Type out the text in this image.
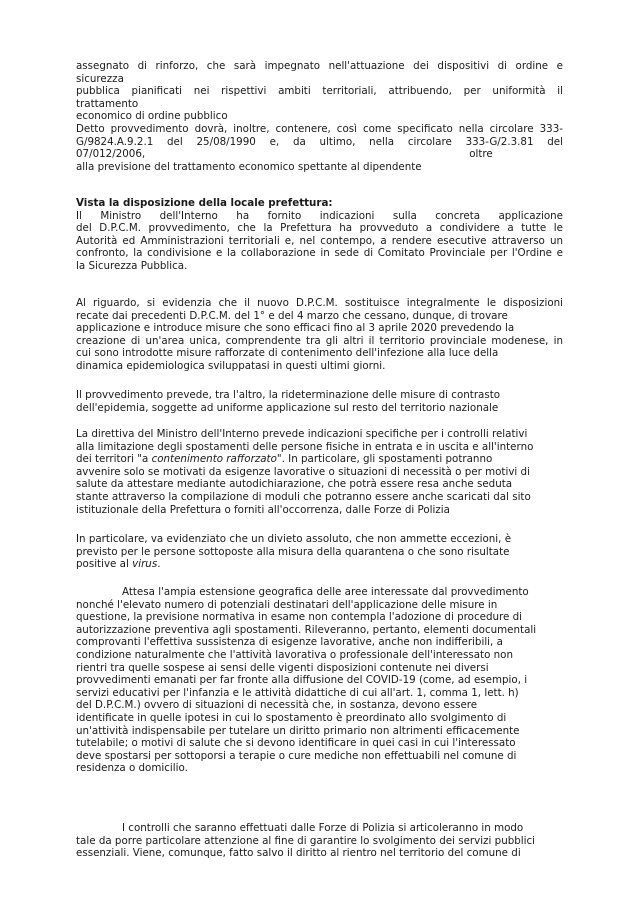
assegnato di rinforzo, che sarà impegnato nell'attuazione dei dispositivi di ordine e
sicurezza
pubblica pianificati nei rispettivi ambiti territoriali, attribuendo, per uniformità il
trattamento
economico di ordine pubblico
Detto provvedimento dovrà, inoltre, contenere, così come specificato nella circolare 333-
G/9824.A.9.2.1 del 25/08/1990 e, da ultimo, nella circolare 333-G/2.3.81 del
07/012/2006,                                                                                                   oltre
alla previsione del trattamento economico spettante al dipendente
Vista la disposizione della locale prefettura:
Il Ministro dell'Interno ha fornito indicazioni sulla concreta applicazione
del D.P.C.M. provvedimento, che la Prefettura ha provveduto a condividere a tutte le
Autorità ed Amministrazioni territoriali e, nel contempo, a rendere esecutive attraverso un
confronto, la condivisione e la collaborazione in sede di Comitato Provinciale per l'Ordine e
la Sicurezza Pubblica.
Al riguardo, si evidenzia che il nuovo D.P.C.M. sostituisce integralmente le disposizioni
recate dai precedenti D.P.C.M. del 1° e del 4 marzo che cessano, dunque, di trovare
applicazione e introduce misure che sono efficaci fino al 3 aprile 2020 prevedendo la
creazione di un'area unica, comprendente tra gli altri il territorio provinciale modenese, in
cui sono introdotte misure rafforzate di contenimento dell'infezione alla luce della
dinamica epidemiologica sviluppatasi in questi ultimi giorni.
Il provvedimento prevede, tra l'altro, la rideterminazione delle misure di contrasto
dell'epidemia, soggette ad uniforme applicazione sul resto del territorio nazionale
La direttiva del Ministro dell'Interno prevede indicazioni specifiche per i controlli relativi
alla limitazione degli spostamenti delle persone fisiche in entrata e in uscita e all'interno
dei territori "a contenimento rafforzato". In particolare, gli spostamenti potranno
avvenire solo se motivati da esigenze lavorative o situazioni di necessità o per motivi di
salute da attestare mediante autodichiarazione, che potrà essere resa anche seduta
stante attraverso la compilazione di moduli che potranno essere anche scaricati dal sito
istituzionale della Prefettura o forniti all'occorrenza, dalle Forze di Polizia
In particolare, va evidenziato che un divieto assoluto, che non ammette eccezioni, è
previsto per le persone sottoposte alla misura della quarantena o che sono risultate
positive al virus.
Attesa l'ampia estensione geografica delle aree interessate dal provvedimento
nonché l'elevato numero di potenziali destinatari dell'applicazione delle misure in
questione, la previsione normativa in esame non contempla l'adozione di procedure di
autorizzazione preventiva agli spostamenti. Rileveranno, pertanto, elementi documentali
comprovanti l'effettiva sussistenza di esigenze lavorative, anche non indifferibili, a
condizione naturalmente che l'attività lavorativa o professionale dell'interessato non
rientri tra quelle sospese ai sensi delle vigenti disposizioni contenute nei diversi
provvedimenti emanati per far fronte alla diffusione del COVID-19 (come, ad esempio, i
servizi educativi per l'infanzia e le attività didattiche di cui all'art. 1, comma 1, lett. h)
del D.P.C.M.) ovvero di situazioni di necessità che, in sostanza, devono essere
identificate in quelle ipotesi in cui lo spostamento è preordinato allo svolgimento di
un'attività indispensabile per tutelare un diritto primario non altrimenti efficacemente
tutelabile; o motivi di salute che si devono identificare in quei casi in cui l'interessato
deve spostarsi per sottoporsi a terapie o cure mediche non effettuabili nel comune di
residenza o domicilio.
I controlli che saranno effettuati dalle Forze di Polizia si articoleranno in modo
tale da porre particolare attenzione al fine di garantire lo svolgimento dei servizi pubblici
essenziali. Viene, comunque, fatto salvo il diritto al rientro nel territorio del comune di
